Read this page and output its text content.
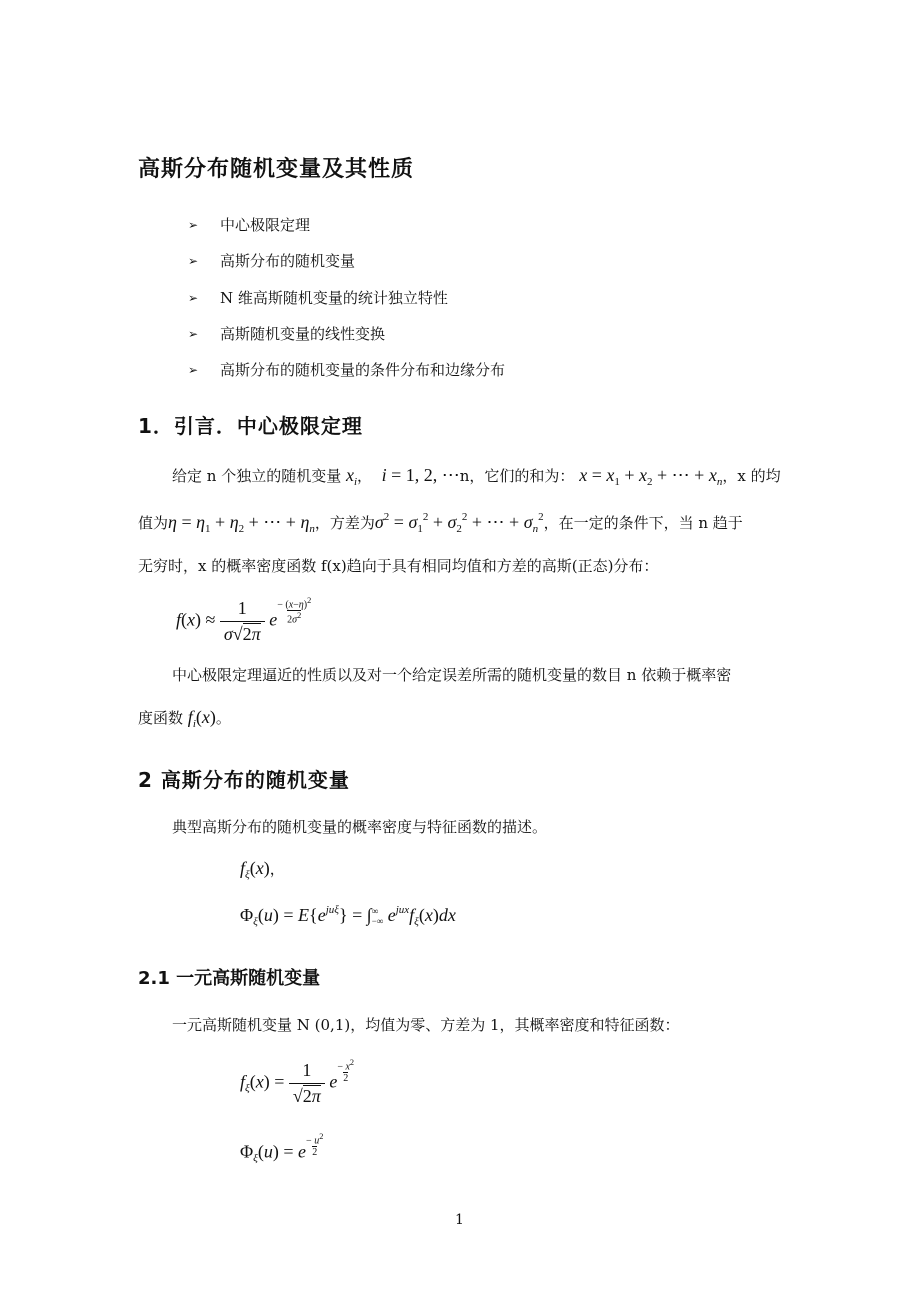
高斯分布随机变量及其性质
➢	中心极限定理
➢	高斯分布的随机变量
➢	N 维高斯随机变量的统计独立特性
➢	高斯随机变量的线性变换
➢	高斯分布的随机变量的条件分布和边缘分布
1．引言．中心极限定理
给定 n 个独立的随机变量 $x_i$，  i = 1, 2, ⋯n，它们的和为： $x = x_1 + x_2$ + ⋯ + $x_n$，x 的均
值为$\eta = \eta_1 + \eta_2$ + ⋯ + $\eta_n$，方差为$\sigma^2 = \sigma_1^2 + \sigma_2^2$ + ⋯ + $\sigma_n^2$，在一定的条件下，当 n 趋于
无穷时，x 的概率密度函数 f(x)趋向于具有相同均值和方差的高斯(正态)分布：
$f(x) \approx \frac{1}{\sigma√2\pi}$ e $\frac{- (x-\eta)^2}{2\sigma^2}$
中心极限定理逼近的性质以及对一个给定误差所需的随机变量的数目 n 依赖于概率密
度函数 $f_i(x)$。
2 高斯分布的随机变量
典型高斯分布的随机变量的概率密度与特征函数的描述。
$f_\xi(x)$，
$\Phi_\xi(u) = E\{e^{ju\xi}\}$ = ∫ ∞
−∞ $e^{jux}f_\xi(x)dx$
2.1 一元高斯随机变量
一元高斯随机变量 N (0,1)，均值为零、方差为 1，其概率密度和特征函数：
$f_\xi(x) = \frac{1}{√2\pi}$ e $\frac{- x^2}{2}$
$\Phi_\xi(u) = e \frac{- u^2}{2}$
1
